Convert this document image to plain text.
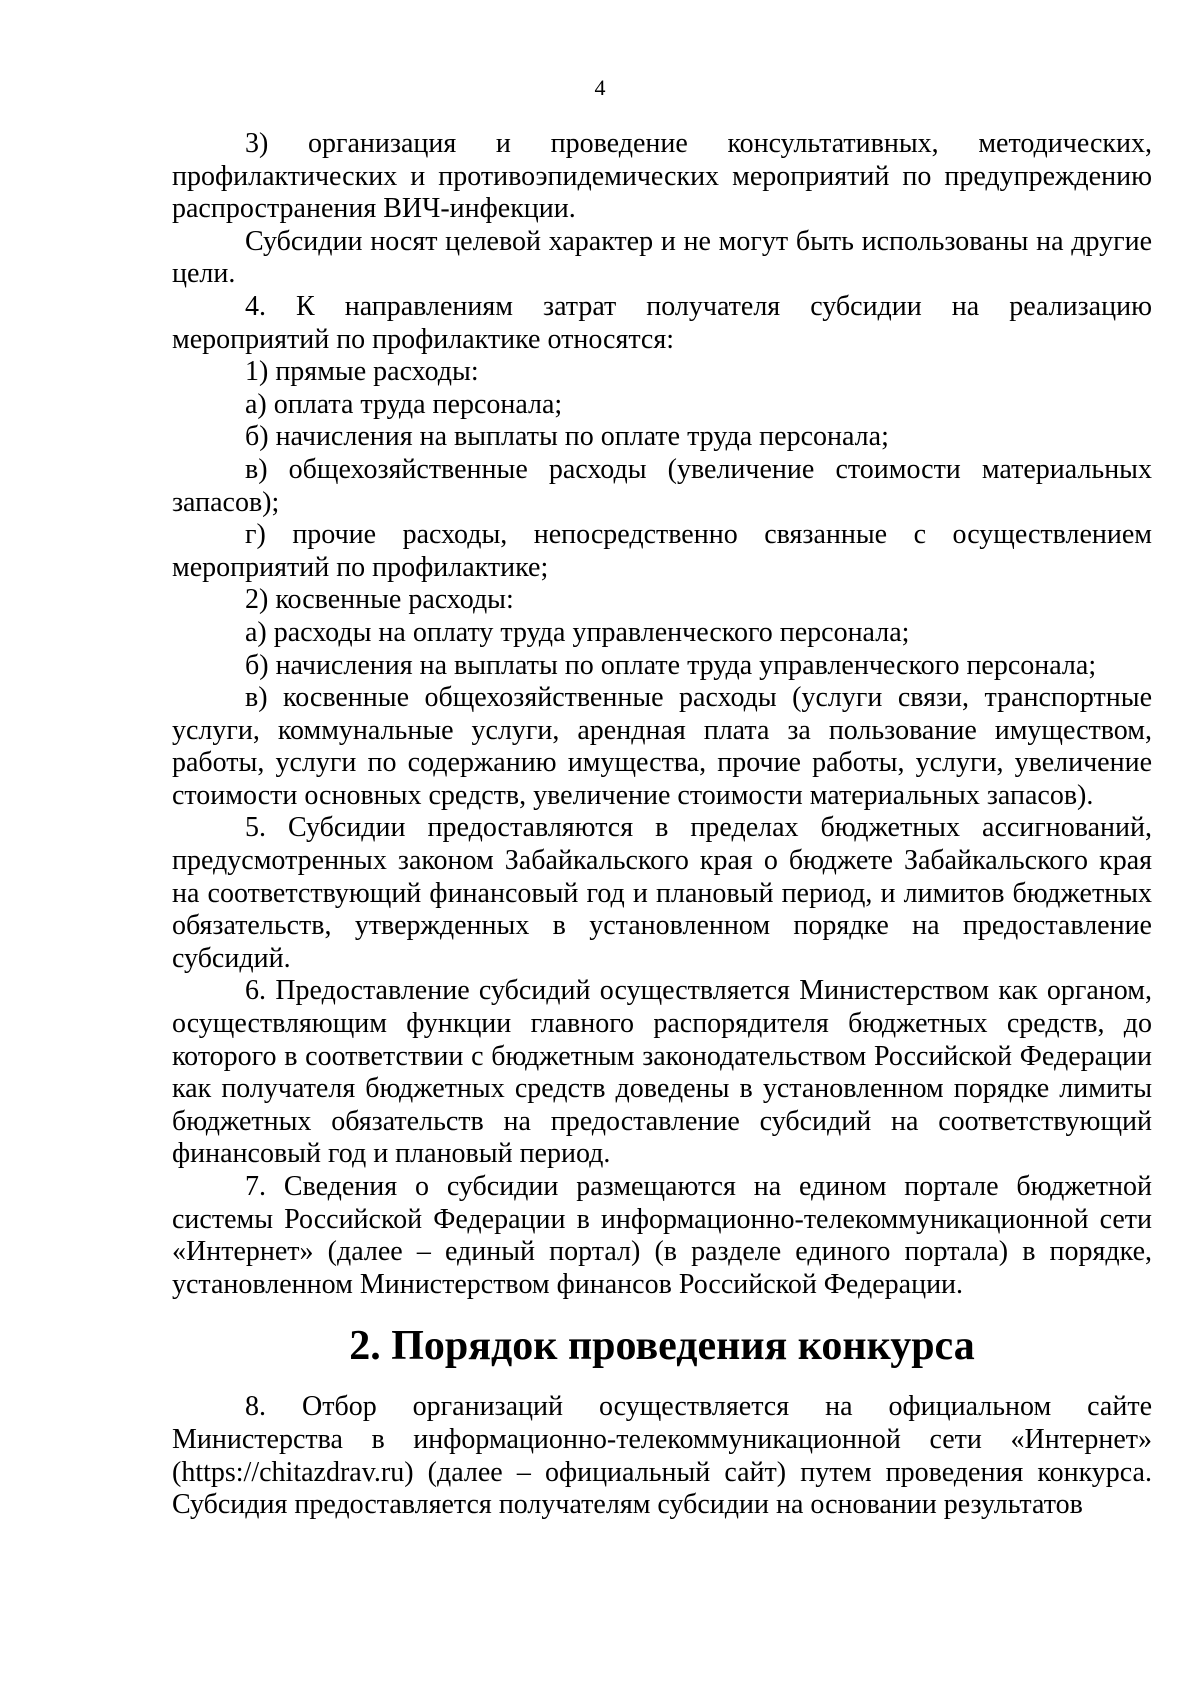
4

3) организация и проведение консультативных, методических, профилактических и противоэпидемических мероприятий по предупреждению распространения ВИЧ-инфекции.

Субсидии носят целевой характер и не могут быть использованы на другие цели.

4. К направлениям затрат получателя субсидии на реализацию мероприятий по профилактике относятся:

1) прямые расходы:

а) оплата труда персонала;

б) начисления на выплаты по оплате труда персонала;

в) общехозяйственные расходы (увеличение стоимости материальных запасов);

г) прочие расходы, непосредственно связанные с осуществлением мероприятий по профилактике;

2) косвенные расходы:

а) расходы на оплату труда управленческого персонала;

б) начисления на выплаты по оплате труда управленческого персонала;

в) косвенные общехозяйственные расходы (услуги связи, транспортные услуги, коммунальные услуги, арендная плата за пользование имуществом, работы, услуги по содержанию имущества, прочие работы, услуги, увеличение стоимости основных средств, увеличение стоимости материальных запасов).

5. Субсидии предоставляются в пределах бюджетных ассигнований, предусмотренных законом Забайкальского края о бюджете Забайкальского края на соответствующий финансовый год и плановый период, и лимитов бюджетных обязательств, утвержденных в установленном порядке на предоставление субсидий.

6. Предоставление субсидий осуществляется Министерством как органом, осуществляющим функции главного распорядителя бюджетных средств, до которого в соответствии с бюджетным законодательством Российской Федерации как получателя бюджетных средств доведены в установленном порядке лимиты бюджетных обязательств на предоставление субсидий на соответствующий финансовый год и плановый период.

7. Сведения о субсидии размещаются на едином портале бюджетной системы Российской Федерации в информационно-телекоммуникационной сети «Интернет» (далее – единый портал) (в разделе единого портала) в порядке, установленном Министерством финансов Российской Федерации.

2. Порядок проведения конкурса

8. Отбор организаций осуществляется на официальном сайте Министерства в информационно-телекоммуникационной сети «Интернет» (https://chitazdrav.ru) (далее – официальный сайт) путем проведения конкурса. Субсидия предоставляется получателям субсидии на основании результатов
